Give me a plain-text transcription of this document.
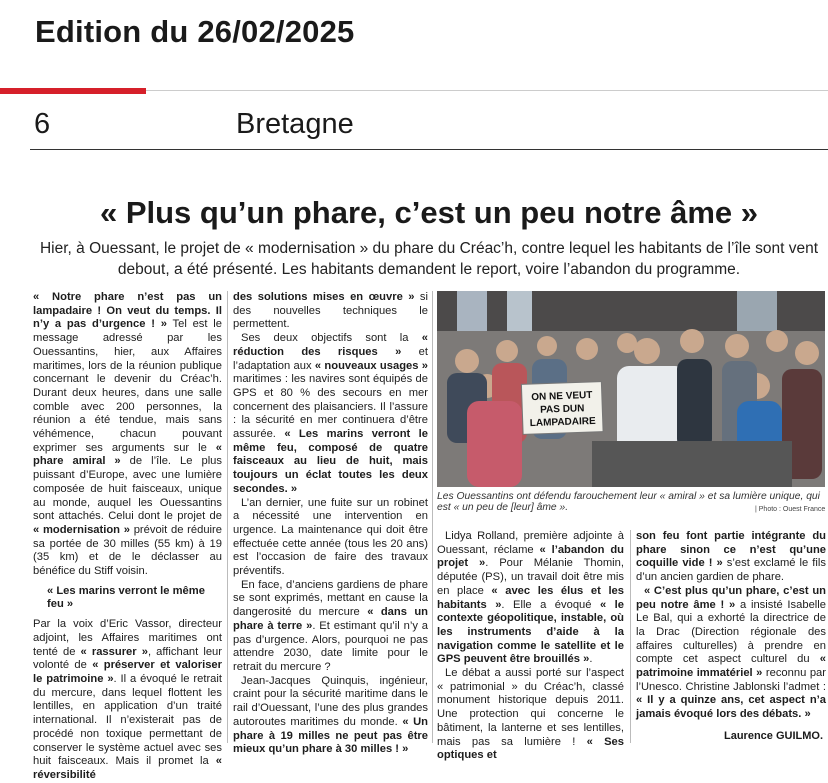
Edition du 26/02/2025
6	Bretagne
« Plus qu’un phare, c’est un peu notre âme »
Hier, à Ouessant, le projet de « modernisation » du phare du Créac’h, contre lequel les habitants de l’île sont vent debout, a été présenté. Les habitants demandent le report, voire l’abandon du programme.

« Notre phare n’est pas un lampadaire ! On veut du temps. Il n’y a pas d’urgence ! » Tel est le message adressé par les Ouessantins, hier, aux Affaires maritimes, lors de la réunion publique concernant le devenir du Créac’h. Durant deux heures, dans une salle comble avec 200 personnes, la réunion a été tendue, mais sans véhémence, chacun pouvant exprimer ses arguments sur le « phare amiral » de l’île. Le plus puissant d’Europe, avec une lumière composée de huit faisceaux, unique au monde, auquel les Ouessantins sont attachés. Celui dont le projet de « modernisation » prévoit de réduire sa portée de 30 milles (55 km) à 19 (35 km) et de le déclasser au bénéfice du Stiff voisin.

« Les marins verront le même feu »

Par la voix d’Eric Vassor, directeur adjoint, les Affaires maritimes ont tenté de « rassurer », affichant leur volonté de « préserver et valoriser le patrimoine ». Il a évoqué le retrait du mercure, dans lequel flottent les lentilles, en application d’un traité international. Il n’existerait pas de procédé non toxique permettant de conserver le système actuel avec ses huit faisceaux. Mais il promet la « réversibilité

des solutions mises en œuvre » si des nouvelles techniques le permettent.

Ses deux objectifs sont la « réduction des risques » et l’adaptation aux « nouveaux usages » maritimes : les navires sont équipés de GPS et 80 % des secours en mer concernent des plaisanciers. Il l’assure : la sécurité en mer continuera d’être assurée. « Les marins verront le même feu, composé de quatre faisceaux au lieu de huit, mais toujours un éclat toutes les deux secondes. »

L’an dernier, une fuite sur un robinet a nécessité une intervention en urgence. La maintenance qui doit être effectuée cette année (tous les 20 ans) est l’occasion de faire des travaux préventifs.

En face, d’anciens gardiens de phare se sont exprimés, mettant en cause la dangerosité du mercure « dans un phare à terre ». Et estimant qu’il n’y a pas d’urgence. Alors, pourquoi ne pas attendre 2030, date limite pour le retrait du mercure ?

Jean-Jacques Quinquis, ingénieur, craint pour la sécurité maritime dans le rail d’Ouessant, l’une des plus grandes autoroutes maritimes du monde. « Un phare à 19 milles ne peut pas être mieux qu’un phare à 30 milles ! »

ON NE VEUT
PAS DUN
LAMPADAIRE
Les Ouessantins ont défendu farouchement leur « amiral » et sa lumière unique, qui est « un peu de [leur] âme ».	| Photo : Ouest France

Lidya Rolland, première adjointe à Ouessant, réclame « l’abandon du projet ». Pour Mélanie Thomin, députée (PS), un travail doit être mis en place « avec les élus et les habitants ». Elle a évoqué « le contexte géopolitique, instable, où les instruments d’aide à la navigation comme le satellite et le GPS peuvent être brouillés ».

Le débat a aussi porté sur l’aspect « patrimonial » du Créac’h, classé monument historique depuis 2011. Une protection qui concerne le bâtiment, la lanterne et ses lentilles, mais pas sa lumière ! « Ses optiques et

son feu font partie intégrante du phare sinon ce n’est qu’une coquille vide ! » s’est exclamé le fils d’un ancien gardien de phare.

« C’est plus qu’un phare, c’est un peu notre âme ! » a insisté Isabelle Le Bal, qui a exhorté la directrice de la Drac (Direction régionale des affaires culturelles) à prendre en compte cet aspect culturel du « patrimoine immatériel » reconnu par l’Unesco. Christine Jablonski l’admet : « Il y a quinze ans, cet aspect n’a jamais évoqué lors des débats. »

Laurence GUILMO.
